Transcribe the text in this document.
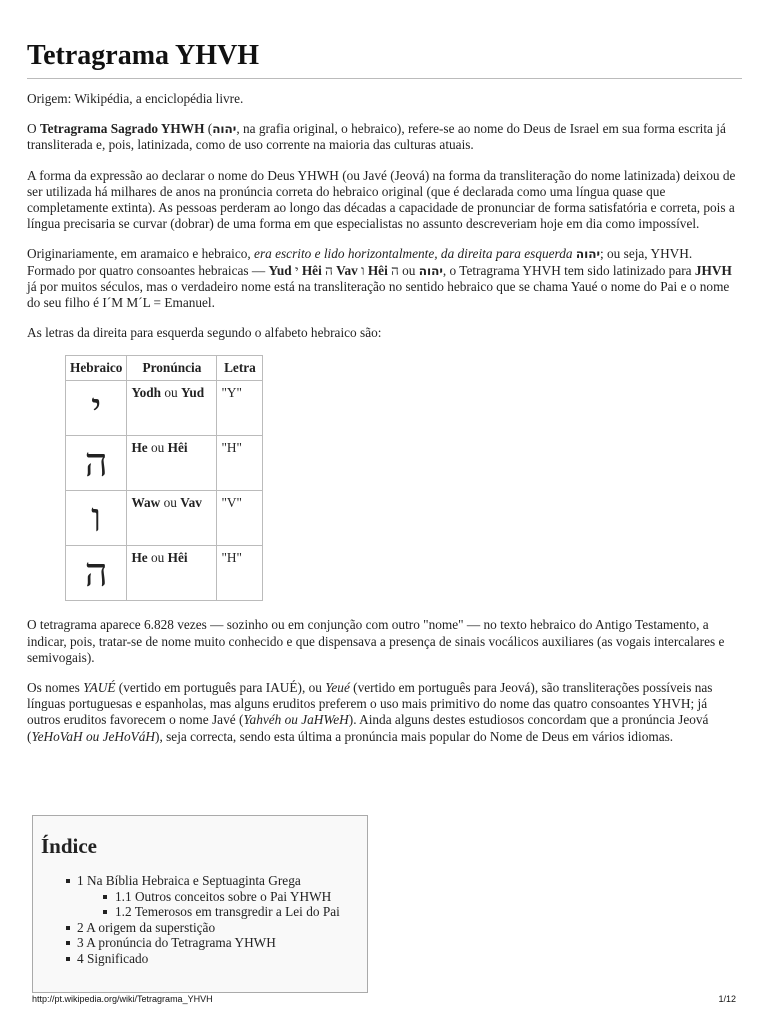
Tetragrama YHVH

Origem: Wikipédia, a enciclopédia livre.

O Tetragrama Sagrado YHWH (יהוה, na grafia original, o hebraico), refere-se ao nome do Deus de Israel em sua forma escrita já transliterada e, pois, latinizada, como de uso corrente na maioria das culturas atuais.

A forma da expressão ao declarar o nome do Deus YHWH (ou Javé (Jeová) na forma da transliteração do nome latinizada) deixou de ser utilizada há milhares de anos na pronúncia correta do hebraico original (que é declarada como uma língua quase que completamente extinta). As pessoas perderam ao longo das décadas a capacidade de pronunciar de forma satisfatória e correta, pois a língua precisaria se curvar (dobrar) de uma forma em que especialistas no assunto descreveriam hoje em dia como impossível.

Originariamente, em aramaico e hebraico, era escrito e lido horizontalmente, da direita para esquerda יהוה; ou seja, YHVH. Formado por quatro consoantes hebraicas — Yud י Hêi ה Vav ו Hêi ה ou יהוה, o Tetragrama YHVH tem sido latinizado para JHVH já por muitos séculos, mas o verdadeiro nome está na transliteração no sentido hebraico que se chama Yaué o nome do Pai e o nome do seu filho é I´M M´L = Emanuel.

As letras da direita para esquerda segundo o alfabeto hebraico são:

Hebraico	Pronúncia	Letra
י	Yodh ou Yud	"Y"
ה	He ou Hêi	"H"
ו	Waw ou Vav	"V"
ה	He ou Hêi	"H"

O tetragrama aparece 6.828 vezes — sozinho ou em conjunção com outro "nome" — no texto hebraico do Antigo Testamento, a indicar, pois, tratar-se de nome muito conhecido e que dispensava a presença de sinais vocálicos auxiliares (as vogais intercalares e semivogais).

Os nomes YAUÉ (vertido em português para IAUÉ), ou Yeué (vertido em português para Jeová), são transliterações possíveis nas línguas portuguesas e espanholas, mas alguns eruditos preferem o uso mais primitivo do nome das quatro consoantes YHVH; já outros eruditos favorecem o nome Javé (Yahvéh ou JaHWeH). Ainda alguns destes estudiosos concordam que a pronúncia Jeová (YeHoVaH ou JeHoVáH), seja correcta, sendo esta última a pronúncia mais popular do Nome de Deus em vários idiomas.

Índice
1 Na Bíblia Hebraica e Septuaginta Grega
1.1 Outros conceitos sobre o Pai YHWH
1.2 Temerosos em transgredir a Lei do Pai
2 A origem da superstição
3 A pronúncia do Tetragrama YHWH
4 Significado
http://pt.wikipedia.org/wiki/Tetragrama_YHVH	1/12
